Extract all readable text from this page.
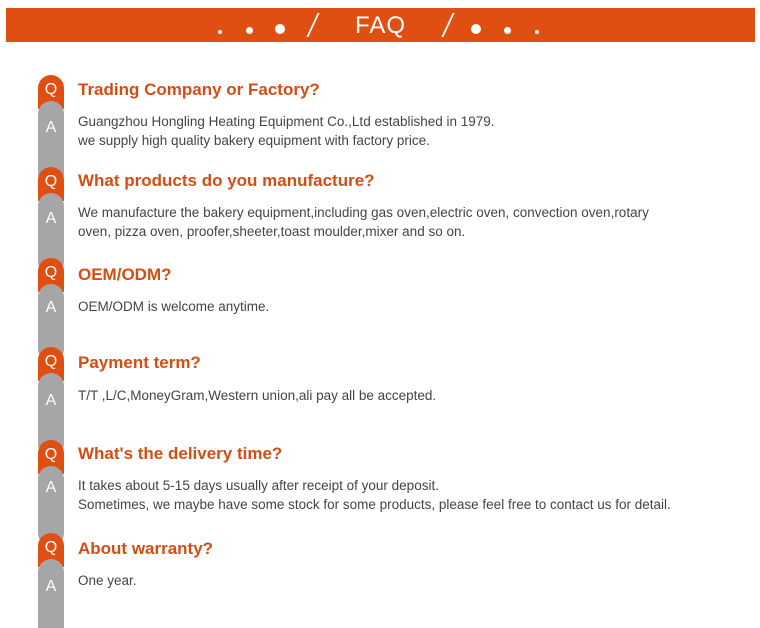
FAQ
Q
A
Trading Company or Factory?
Guangzhou Hongling Heating Equipment Co.,Ltd established in 1979.
we supply high quality bakery equipment with factory price.
Q
A
What products do you manufacture?
We manufacture the bakery equipment,including gas oven,electric oven, convection oven,rotary
oven, pizza oven, proofer,sheeter,toast moulder,mixer and so on.
Q
A
OEM/ODM?
OEM/ODM is welcome anytime.
Q
A
Payment term?
T/T ,L/C,MoneyGram,Western union,ali pay all be accepted.
Q
A
What's the delivery time?
It takes about 5-15 days usually after receipt of your deposit.
Sometimes, we maybe have some stock for some products, please feel free to contact us for detail.
Q
A
About warranty?
One year.
